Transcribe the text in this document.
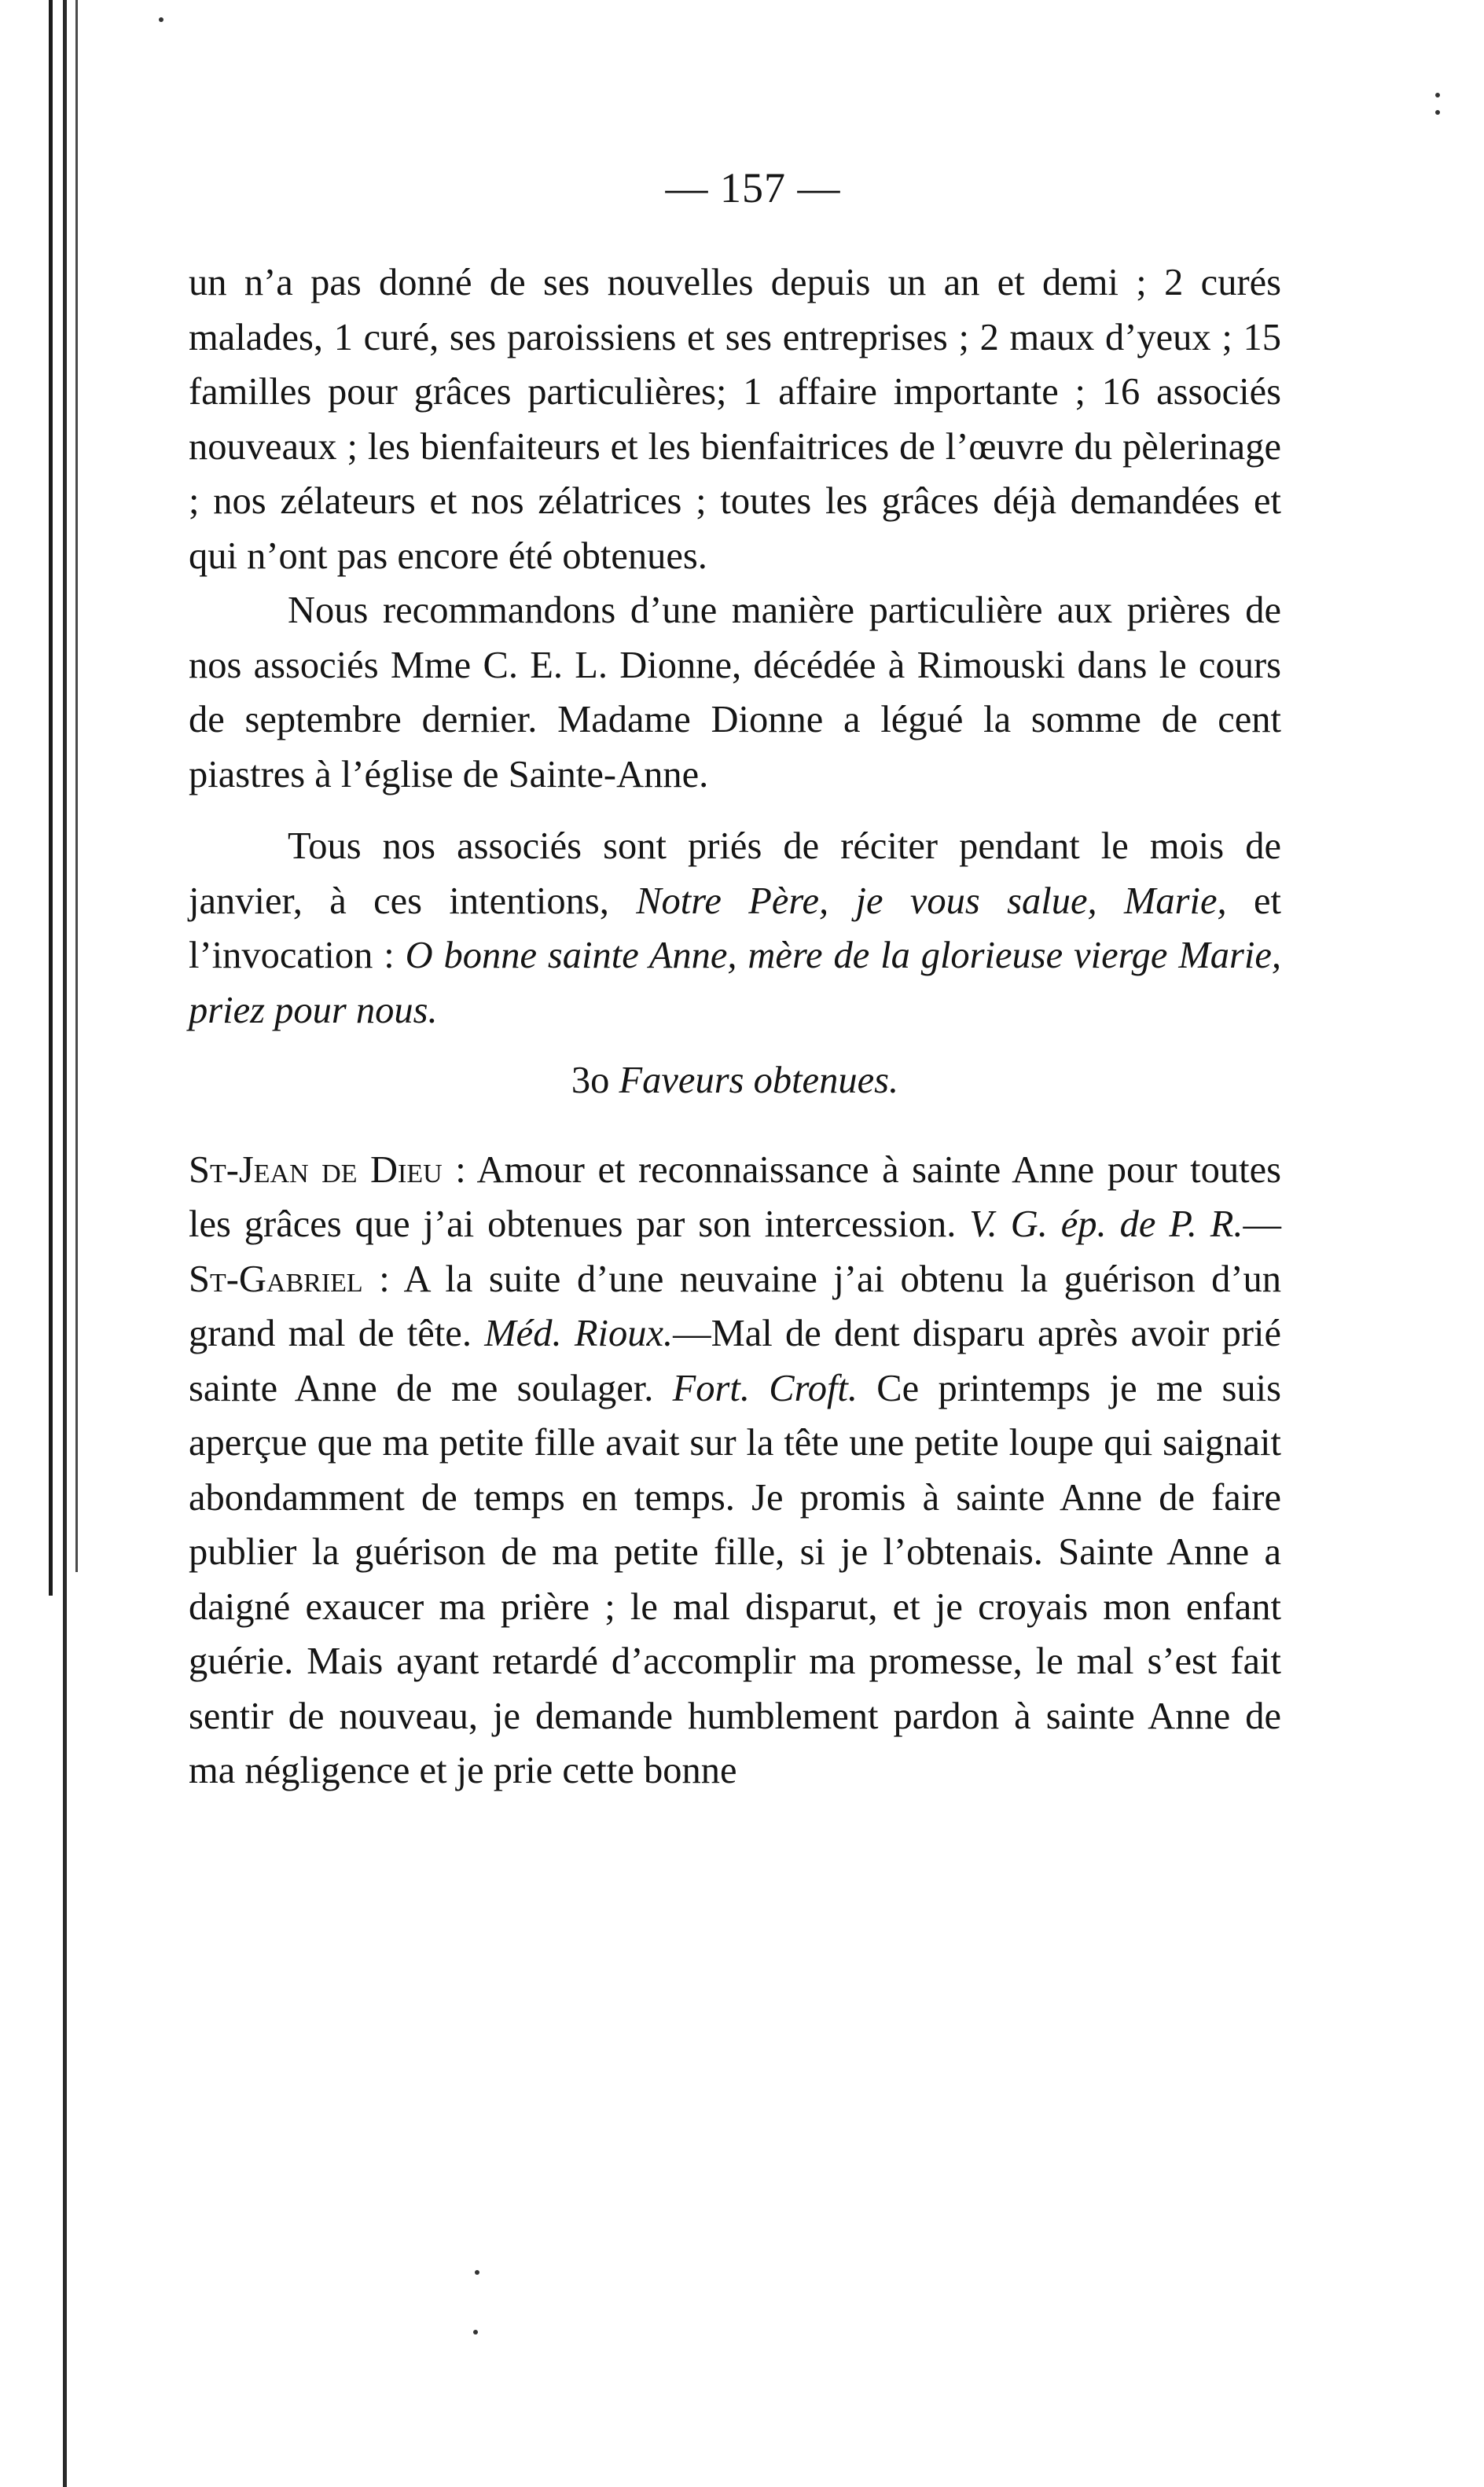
— 157 —

un n’a pas donné de ses nouvelles depuis un an et demi ; 2 curés malades, 1 curé, ses paroissiens et ses entreprises ; 2 maux d’yeux ; 15 familles pour grâces particulières; 1 affaire importante ; 16 associés nouveaux ; les bienfaiteurs et les bienfaitrices de l’œuvre du pèlerinage ; nos zélateurs et nos zélatrices ; toutes les grâces déjà demandées et qui n’ont pas encore été obtenues.

Nous recommandons d’une manière particulière aux prières de nos associés Mme C. E. L. Dionne, décédée à Rimouski dans le cours de septembre dernier. Madame Dionne a légué la somme de cent piastres à l’église de Sainte-Anne.

Tous nos associés sont priés de réciter pendant le mois de janvier, à ces intentions, Notre Père, je vous salue, Marie, et l’invocation : O bonne sainte Anne, mère de la glorieuse vierge Marie, priez pour nous.

3o Faveurs obtenues.

St-Jean de Dieu : Amour et reconnaissance à sainte Anne pour toutes les grâces que j’ai obtenues par son intercession. V. G. ép. de P. R.—St-Gabriel : A la suite d’une neuvaine j’ai obtenu la guérison d’un grand mal de tête. Méd. Rioux.—Mal de dent disparu après avoir prié sainte Anne de me soulager. Fort. Croft. Ce printemps je me suis aperçue que ma petite fille avait sur la tête une petite loupe qui saignait abondamment de temps en temps. Je promis à sainte Anne de faire publier la guérison de ma petite fille, si je l’obtenais. Sainte Anne a daigné exaucer ma prière ; le mal disparut, et je croyais mon enfant guérie. Mais ayant retardé d’accomplir ma promesse, le mal s’est fait sentir de nouveau, je demande humblement pardon à sainte Anne de ma négligence et je prie cette bonne
